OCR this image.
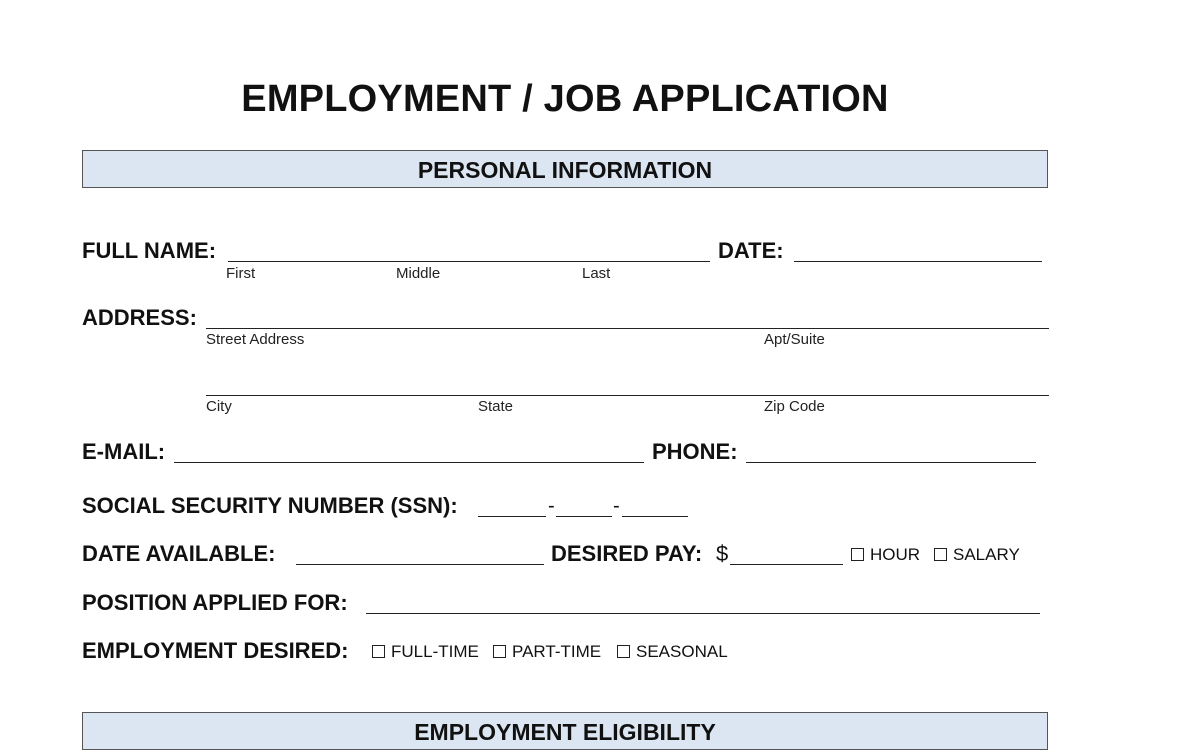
EMPLOYMENT / JOB APPLICATION
PERSONAL INFORMATION
FULL NAME:
First	Middle	Last
DATE:
ADDRESS:
Street Address	Apt/Suite
City	State	Zip Code
E-MAIL:	PHONE:
SOCIAL SECURITY NUMBER (SSN):	-	-
DATE AVAILABLE:	DESIRED PAY: $	HOUR	SALARY
POSITION APPLIED FOR:
EMPLOYMENT DESIRED:	FULL-TIME	PART-TIME	SEASONAL
EMPLOYMENT ELIGIBILITY
